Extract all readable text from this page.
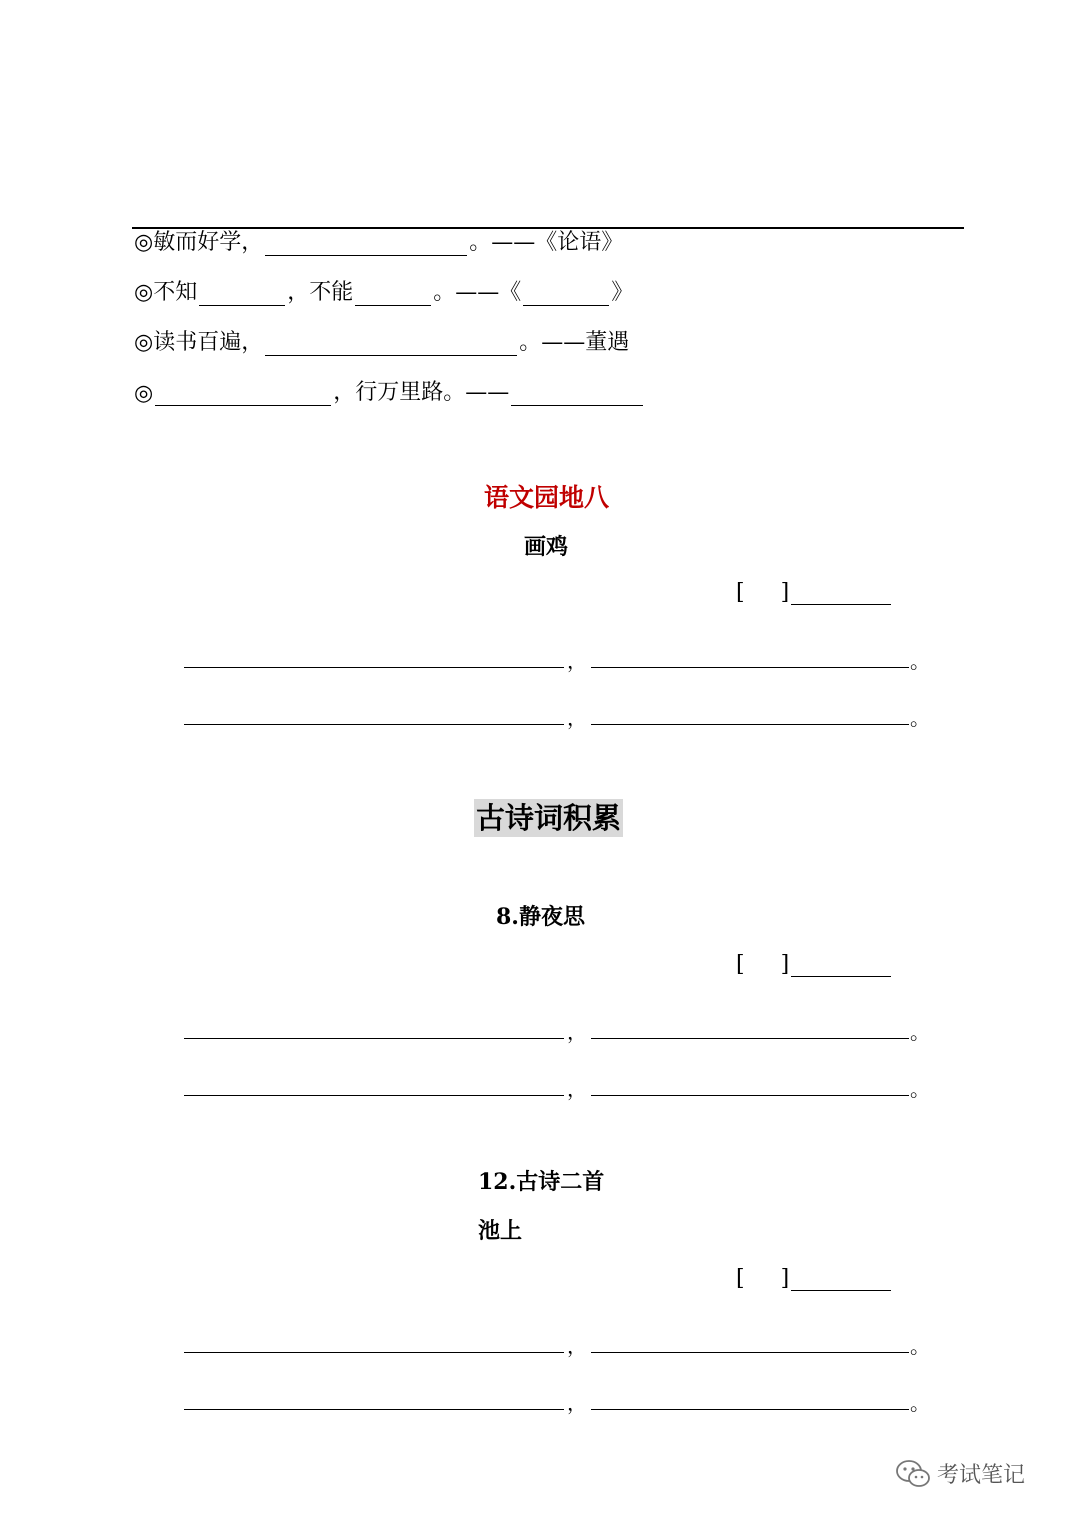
◎敏而好学，	。——《论语》
◎不知	，不能	。——《	》
◎读书百遍，	。——董遇
◎	，行万里路。——
语文园地八
画鸡
[ ]
，	。
，	。
古诗词积累
8.静夜思
[ ]
，	。
，	。
12.古诗二首
池上
[ ]
，	。
，	。
考试笔记
